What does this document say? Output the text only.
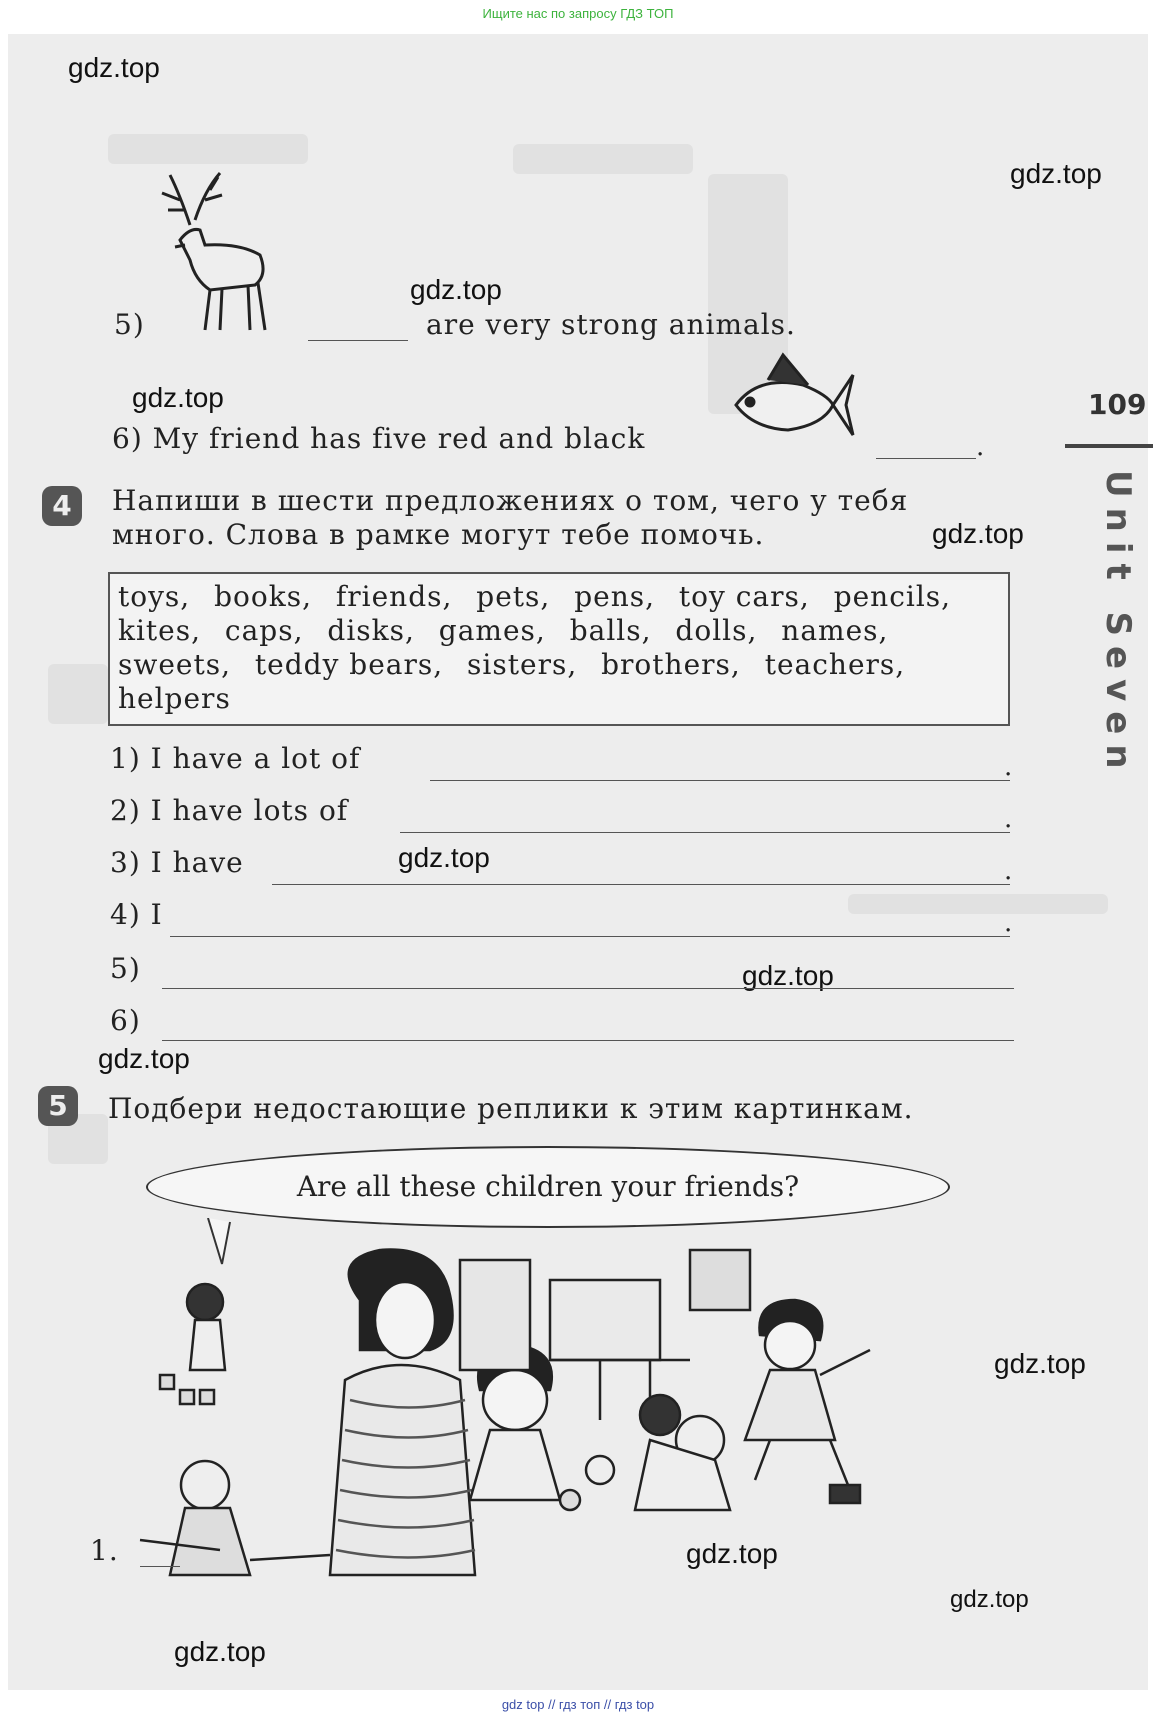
Ищите нас по запросу ГДЗ ТОП
gdz.top
gdz.top
gdz.top
gdz.top
gdz.top
gdz.top
gdz.top
gdz.top
gdz.top
gdz.top
gdz.top
gdz.top
109
Unit Seven
5)	are very strong animals.
6) My friend has five red and black	.
4	Напиши в шести предложениях о том, чего у тебя
много. Слова в рамке могут тебе помочь.
toys, books, friends, pets, pens, toy cars, pencils, kites, caps, disks, games, balls, dolls, names, sweets, teddy bears, sisters, brothers, teachers, helpers
1) I have a lot of	.
2) I have lots of	.
3) I have	.
4) I	.
5)
6)
5	Подбери недостающие реплики к этим картинкам.
Are all these children your friends?
1.
gdz top // гдз топ // гдз top
